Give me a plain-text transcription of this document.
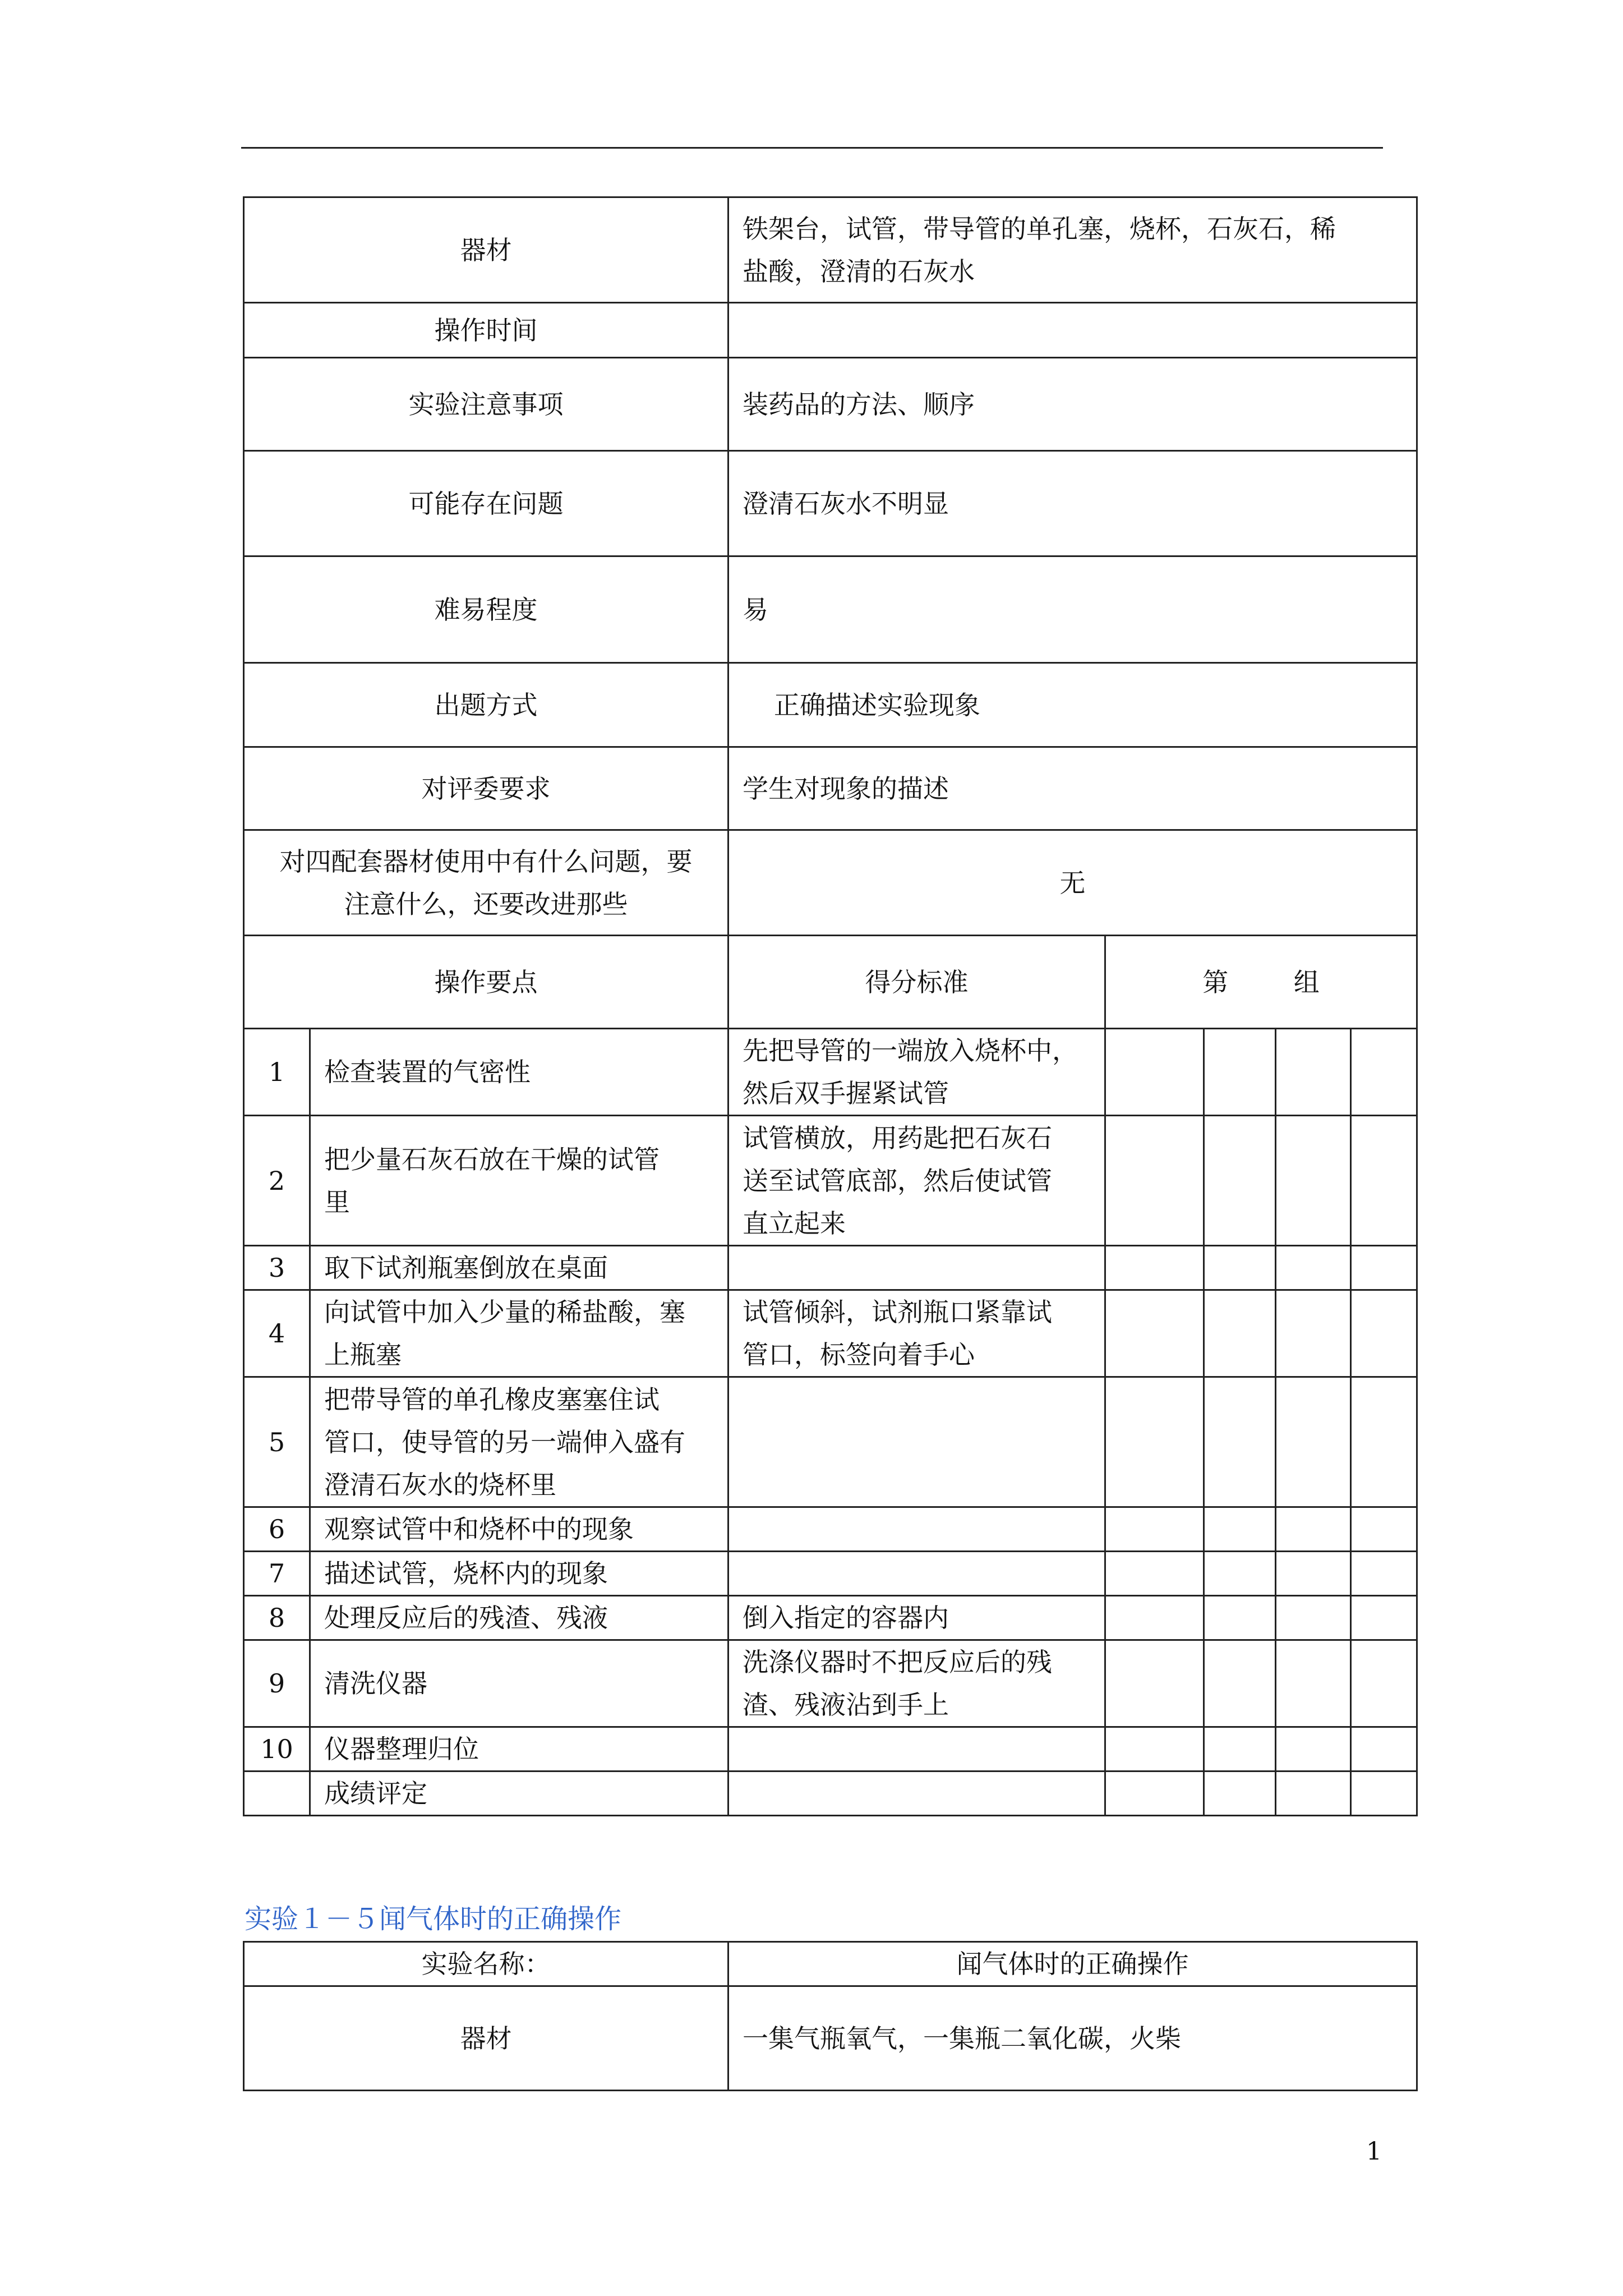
器材		铁架台，试管，带导管的单孔塞，烧杯，石灰石，稀
盐酸，澄清的石灰水				
操作时间						
实验注意事项		装药品的方法、顺序				
可能存在问题		澄清石灰水不明显				
难易程度		易				
出题方式		正确描述实验现象				
对评委要求		学生对现象的描述				
对四配套器材使用中有什么问题，要
注意什么，还要改进那些		无				
操作要点		得分标准	第 组			

1	检查装置的气密性	先把导管的一端放入烧杯中，
然后双手握紧试管				
2	把少量石灰石放在干燥的试管
里	试管横放，用药匙把石灰石
送至试管底部，然后使试管
直立起来				
3	取下试剂瓶塞倒放在桌面					
4	向试管中加入少量的稀盐酸，塞
上瓶塞	试管倾斜，试剂瓶口紧靠试
管口，标签向着手心				
5	把带导管的单孔橡皮塞塞住试
管口，使导管的另一端伸入盛有
澄清石灰水的烧杯里					
6	观察试管中和烧杯中的现象					
7	描述试管，烧杯内的现象					
8	处理反应后的残渣、残液	倒入指定的容器内				
9	清洗仪器	洗涤仪器时不把反应后的残
渣、残液沾到手上				
10	仪器整理归位					
	成绩评定					
实验１－５闻气体时的正确操作
实验名称：	闻气体时的正确操作
器材	一集气瓶氧气，一集瓶二氧化碳，火柴
1
